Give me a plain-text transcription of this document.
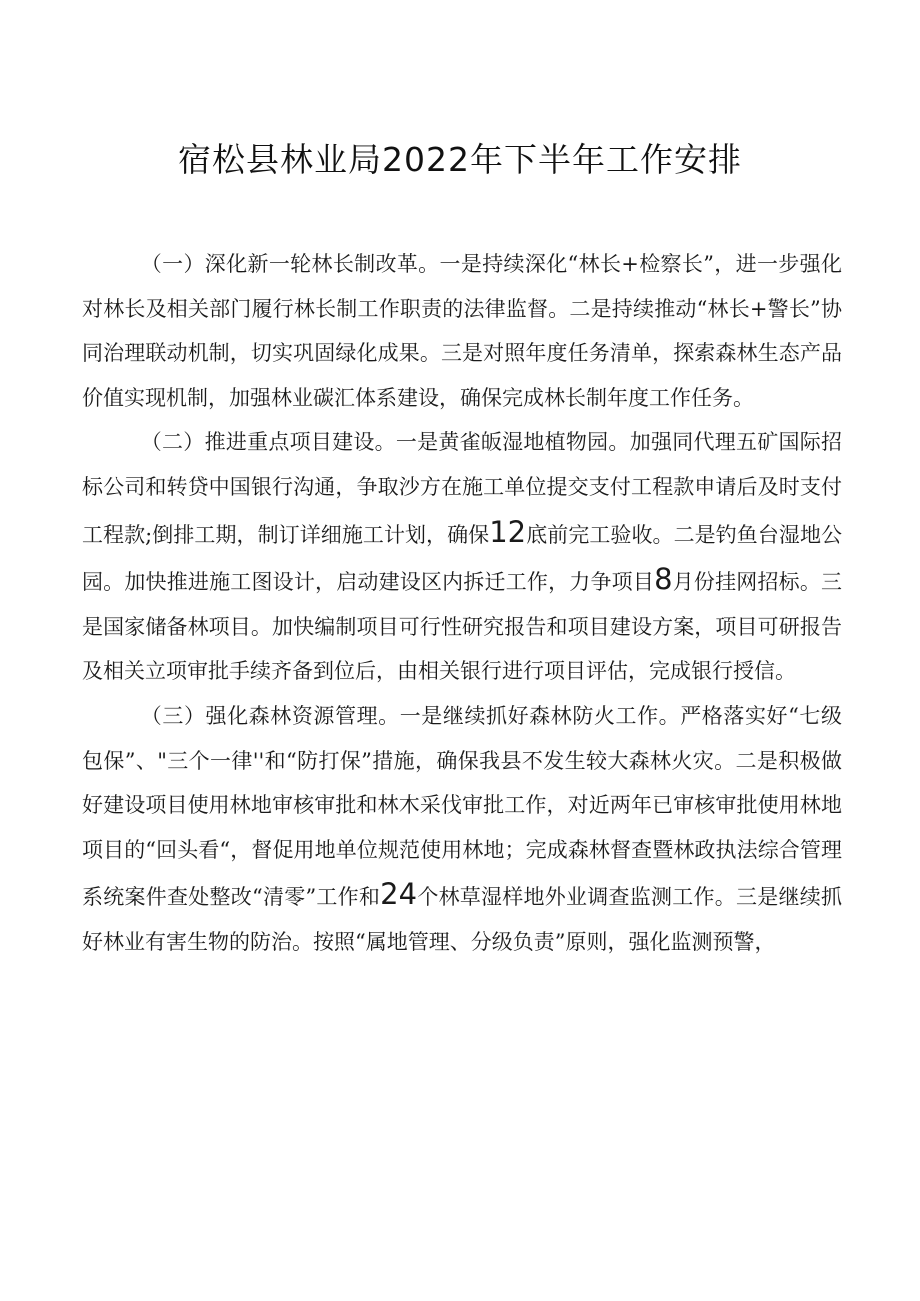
宿松县林业局2022年下半年工作安排

（一）深化新一轮林长制改革。一是持续深化“林长+检察长”，进一步强化对林长及相关部门履行林长制工作职责的法律监督。二是持续推动“林长+警长”协同治理联动机制，切实巩固绿化成果。三是对照年度任务清单，探索森林生态产品价值实现机制，加强林业碳汇体系建设，确保完成林长制年度工作任务。

（二）推进重点项目建设。一是黄雀皈湿地植物园。加强同代理五矿国际招标公司和转贷中国银行沟通，争取沙方在施工单位提交支付工程款申请后及时支付工程款;倒排工期，制订详细施工计划，确保12底前完工验收。二是钓鱼台湿地公园。加快推进施工图设计，启动建设区内拆迁工作，力争项目8月份挂网招标。三是国家储备林项目。加快编制项目可行性研究报告和项目建设方案，项目可研报告及相关立项审批手续齐备到位后，由相关银行进行项目评估，完成银行授信。

（三）强化森林资源管理。一是继续抓好森林防火工作。严格落实好“七级包保”、"三个一律''和“防打保”措施，确保我县不发生较大森林火灾。二是积极做好建设项目使用林地审核审批和林木采伐审批工作，对近两年已审核审批使用林地项目的“回头看“，督促用地单位规范使用林地；完成森林督查暨林政执法综合管理系统案件查处整改“清零”工作和24个林草湿样地外业调查监测工作。三是继续抓好林业有害生物的防治。按照“属地管理、分级负责”原则，强化监测预警，
